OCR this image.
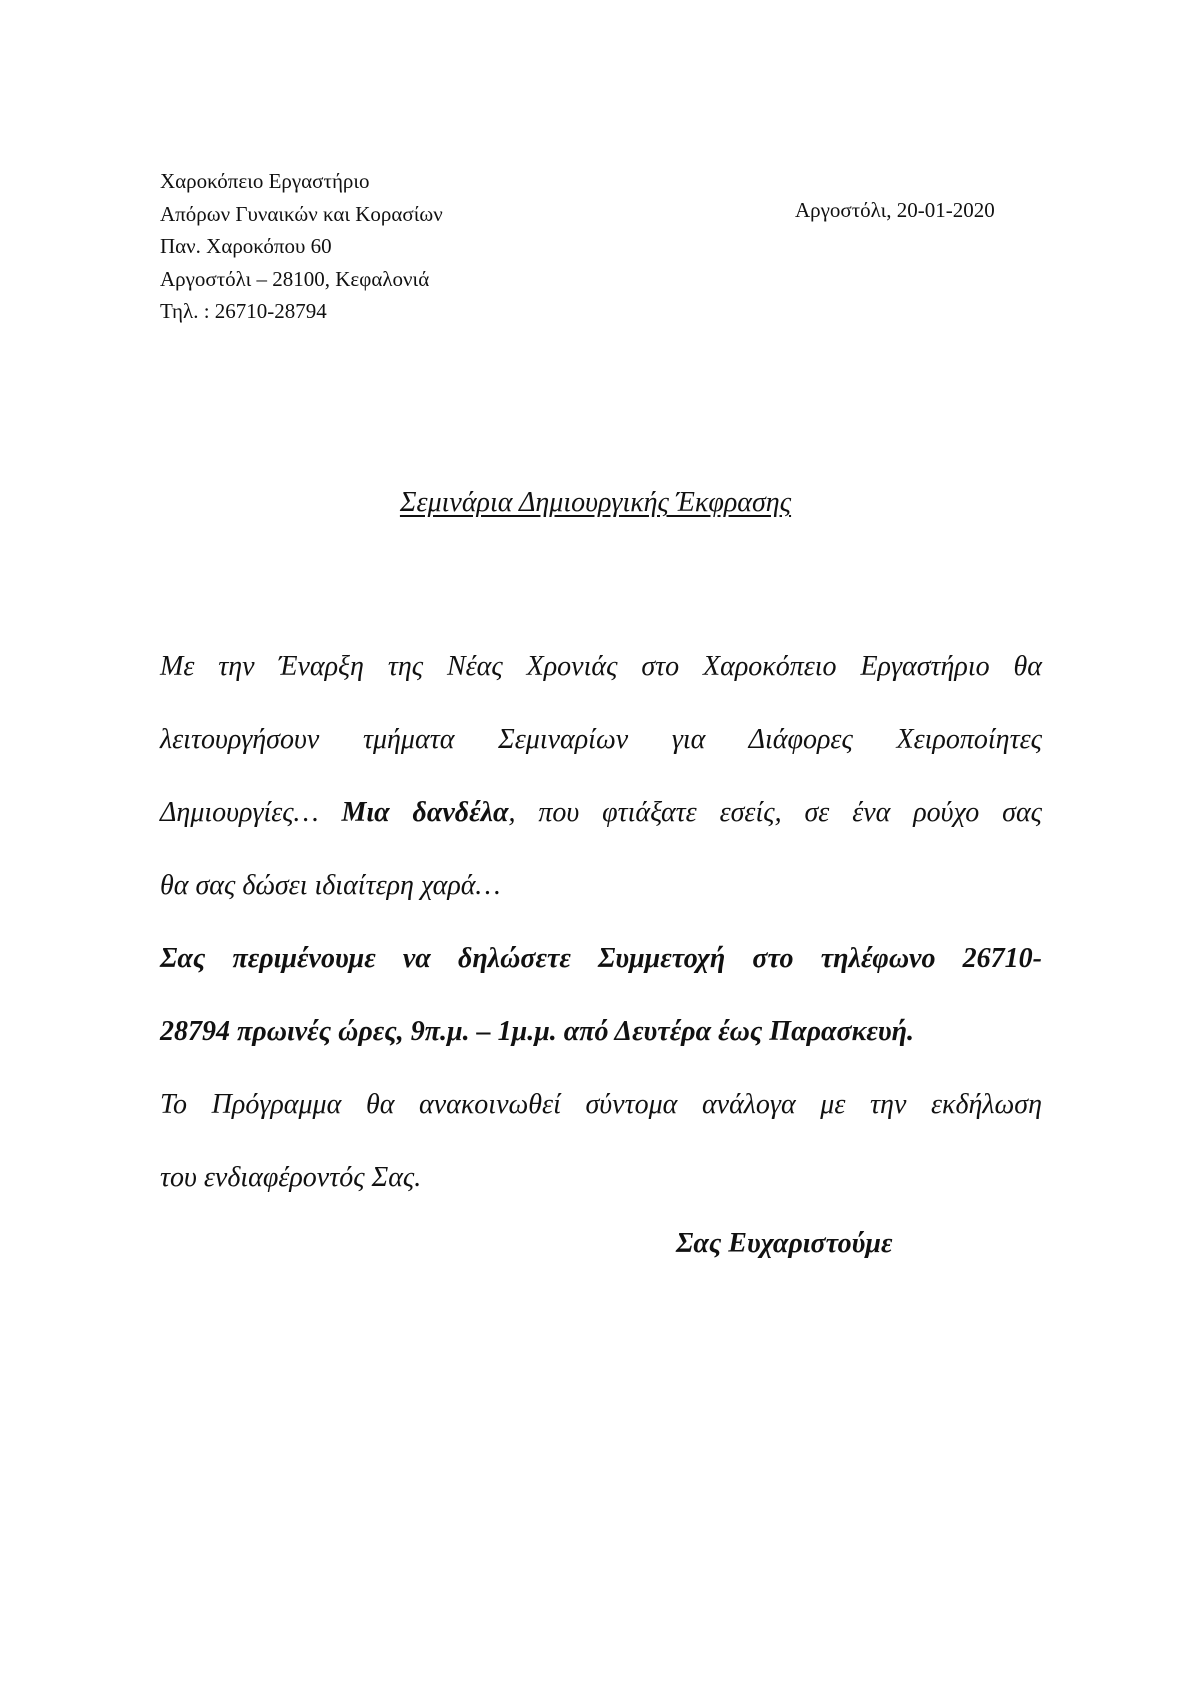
Χαροκόπειο Εργαστήριο
Απόρων Γυναικών και Κορασίων
Παν. Χαροκόπου 60
Αργοστόλι – 28100, Κεφαλονιά
Τηλ. : 26710-28794
Αργοστόλι, 20-01-2020
Σεμινάρια Δημιουργικής Έκφρασης
Με την Έναρξη της Νέας Χρονιάς στο Χαροκόπειο Εργαστήριο θα
λειτουργήσουν τμήματα Σεμιναρίων για Διάφορες Χειροποίητες
Δημιουργίες… Μια δανδέλα, που φτιάξατε εσείς, σε ένα ρούχο σας
θα σας δώσει ιδιαίτερη χαρά…
Σας περιμένουμε να δηλώσετε Συμμετοχή στο τηλέφωνο 26710-
28794 πρωινές ώρες, 9π.μ. – 1μ.μ. από Δευτέρα έως Παρασκευή.
Το Πρόγραμμα θα ανακοινωθεί σύντομα ανάλογα με την εκδήλωση
του ενδιαφέροντός Σας.
Σας Ευχαριστούμε
